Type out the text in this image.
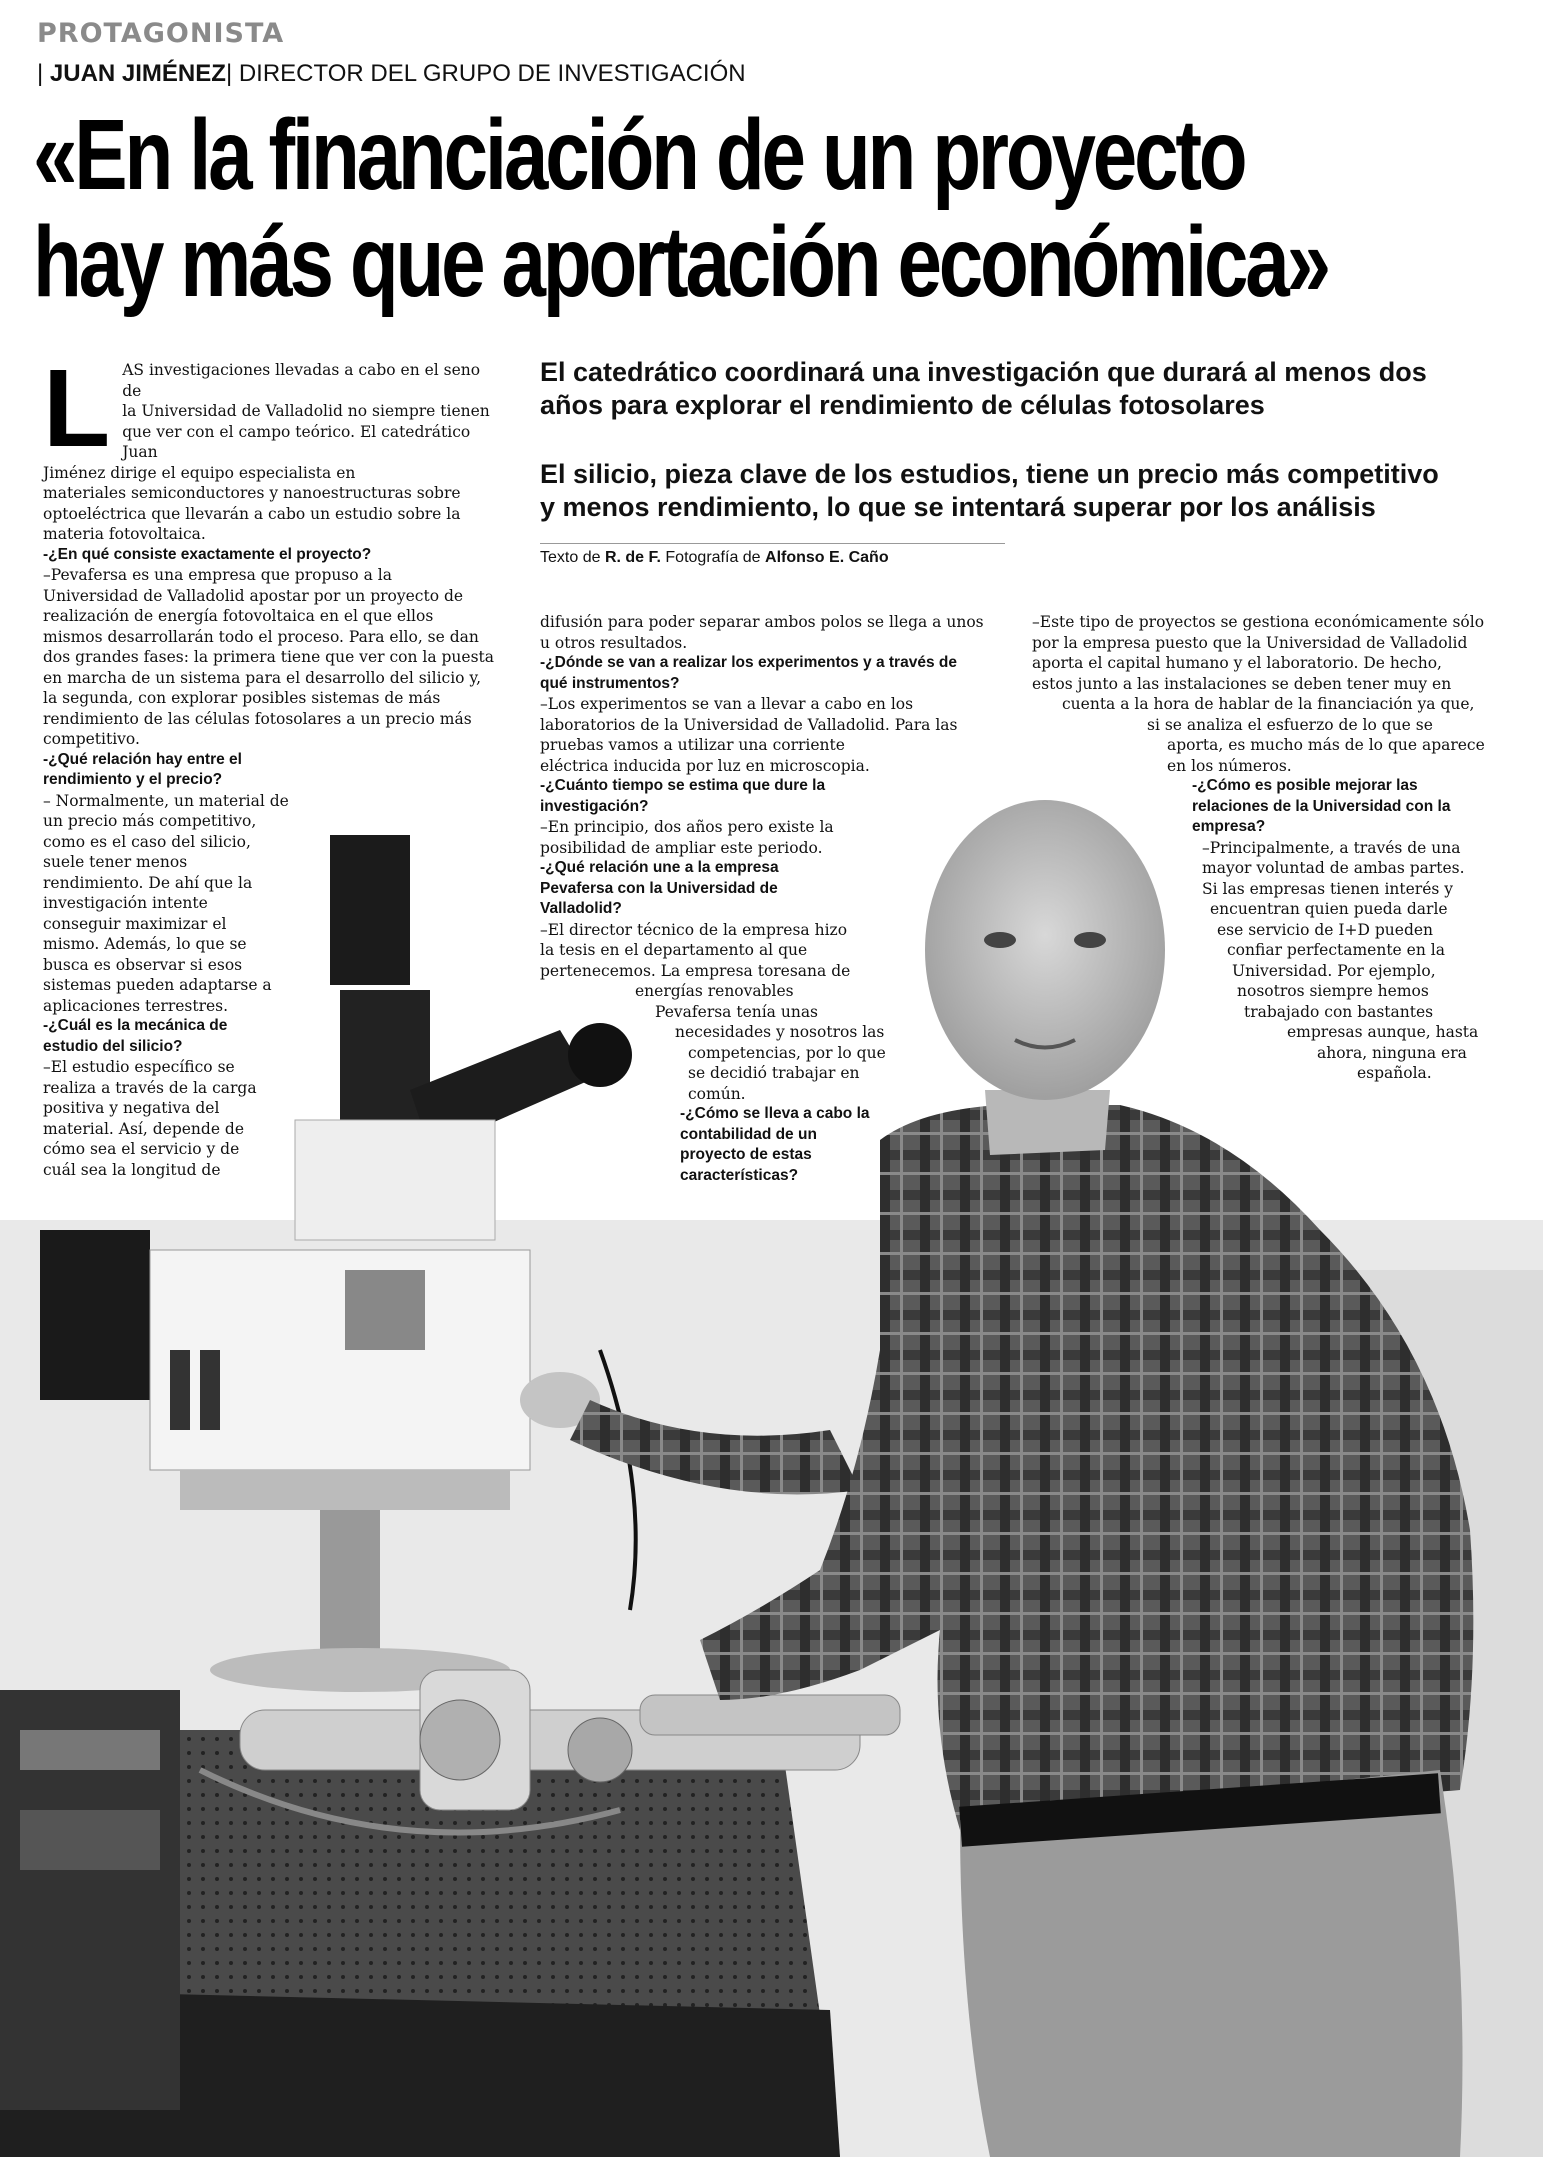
PROTAGONISTA
| JUAN JIMÉNEZ| DIRECTOR DEL GRUPO DE INVESTIGACIÓN
«En la financiación de un proyecto
hay más que aportación económica»
El catedrático coordinará una investigación que durará al menos dos
años para explorar el rendimiento de células fotosolares
El silicio, pieza clave de los estudios, tiene un precio más competitivo
y menos rendimiento, lo que se intentará superar por los análisis
Texto de R. de F. Fotografía de Alfonso E. Caño
L AS investigaciones llevadas a cabo en el seno de

la Universidad de Valladolid no siempre tienen

que ver con el campo teórico. El catedrático Juan

Jiménez dirige el equipo especialista en

materiales semiconductores y nanoestructuras sobre

optoeléctrica que llevarán a cabo un estudio sobre la

materia fotovoltaica.

-¿En qué consiste exactamente el proyecto?

–Pevafersa es una empresa que propuso a la

Universidad de Valladolid apostar por un proyecto de

realización de energía fotovoltaica en el que ellos

mismos desarrollarán todo el proceso. Para ello, se dan

dos grandes fases: la primera tiene que ver con la puesta

en marcha de un sistema para el desarrollo del silicio y,

la segunda, con explorar posibles sistemas de más

rendimiento de las células fotosolares a un precio más

competitivo.

-¿Qué relación hay entre el

rendimiento y el precio?

– Normalmente, un material de

un precio más competitivo,

como es el caso del silicio,

suele tener menos

rendimiento. De ahí que la

investigación intente

conseguir maximizar el

mismo. Además, lo que se

busca es observar si esos

sistemas pueden adaptarse a

aplicaciones terrestres.

-¿Cuál es la mecánica de

estudio del silicio?

–El estudio específico se

realiza a través de la carga

positiva y negativa del

material. Así, depende de

cómo sea el servicio y de

cuál sea la longitud de

difusión para poder separar ambos polos se llega a unos

u otros resultados.

-¿Dónde se van a realizar los experimentos y a través de

qué instrumentos?

–Los experimentos se van a llevar a cabo en los

laboratorios de la Universidad de Valladolid. Para las

pruebas vamos a utilizar una corriente

eléctrica inducida por luz en microscopia.

-¿Cuánto tiempo se estima que dure la

investigación?

–En principio, dos años pero existe la

posibilidad de ampliar este periodo.

-¿Qué relación une a la empresa

Pevafersa con la Universidad de

Valladolid?

–El director técnico de la empresa hizo

la tesis en el departamento al que

pertenecemos. La empresa toresana de

energías renovables

Pevafersa tenía unas

necesidades y nosotros las

competencias, por lo que

se decidió trabajar en

común.

-¿Cómo se lleva a cabo la

contabilidad de un

proyecto de estas

características?

–Este tipo de proyectos se gestiona económicamente sólo

por la empresa puesto que la Universidad de Valladolid

aporta el capital humano y el laboratorio. De hecho,

estos junto a las instalaciones se deben tener muy en

cuenta a la hora de hablar de la financiación ya que,

si se analiza el esfuerzo de lo que se

aporta, es mucho más de lo que aparece

en los números.

-¿Cómo es posible mejorar las

relaciones de la Universidad con la

empresa?

–Principalmente, a través de una

mayor voluntad de ambas partes.

Si las empresas tienen interés y

encuentran quien pueda darle

ese servicio de I+D pueden

confiar perfectamente en la

Universidad. Por ejemplo,

nosotros siempre hemos

trabajado con bastantes

empresas aunque, hasta

ahora, ninguna era

española.
